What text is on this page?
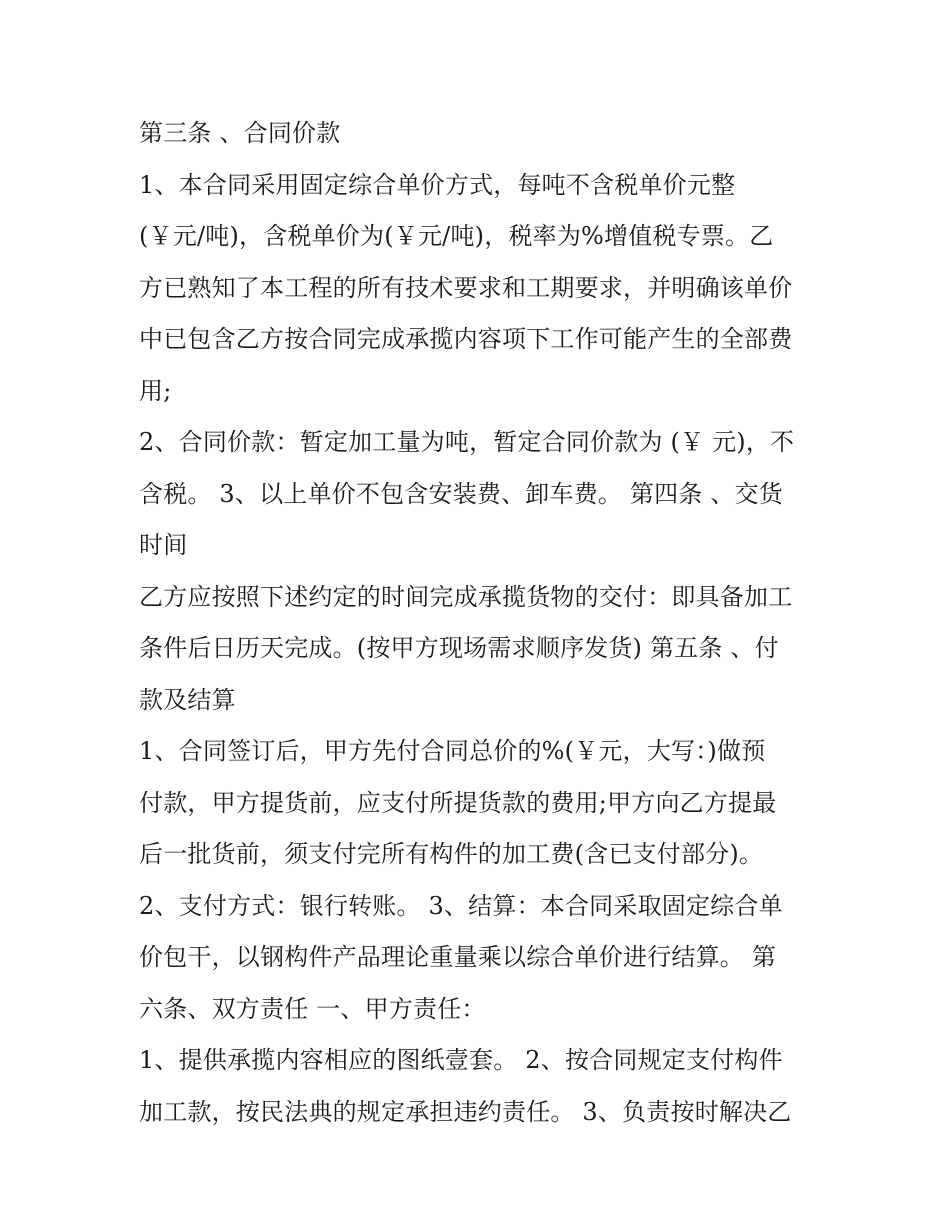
第三条 、合同价款
1、本合同采用固定综合单价方式，每吨不含税单价元整
(￥元/吨)，含税单价为(￥元/吨)，税率为%增值税专票。乙
方已熟知了本工程的所有技术要求和工期要求，并明确该单价
中已包含乙方按合同完成承揽内容项下工作可能产生的全部费
用;
2、合同价款：暂定加工量为吨，暂定合同价款为 (￥ 元)，不
含税。 3、以上单价不包含安装费、卸车费。 第四条 、交货
时间
乙方应按照下述约定的时间完成承揽货物的交付：即具备加工
条件后日历天完成。(按甲方现场需求顺序发货) 第五条 、付
款及结算
1、合同签订后，甲方先付合同总价的%(￥元，大写：)做预
付款，甲方提货前，应支付所提货款的费用;甲方向乙方提最
后一批货前，须支付完所有构件的加工费(含已支付部分)。
2、支付方式：银行转账。 3、结算：本合同采取固定综合单
价包干，以钢构件产品理论重量乘以综合单价进行结算。 第
六条、双方责任 一、甲方责任：
1、提供承揽内容相应的图纸壹套。 2、按合同规定支付构件
加工款，按民法典的规定承担违约责任。 3、负责按时解决乙
